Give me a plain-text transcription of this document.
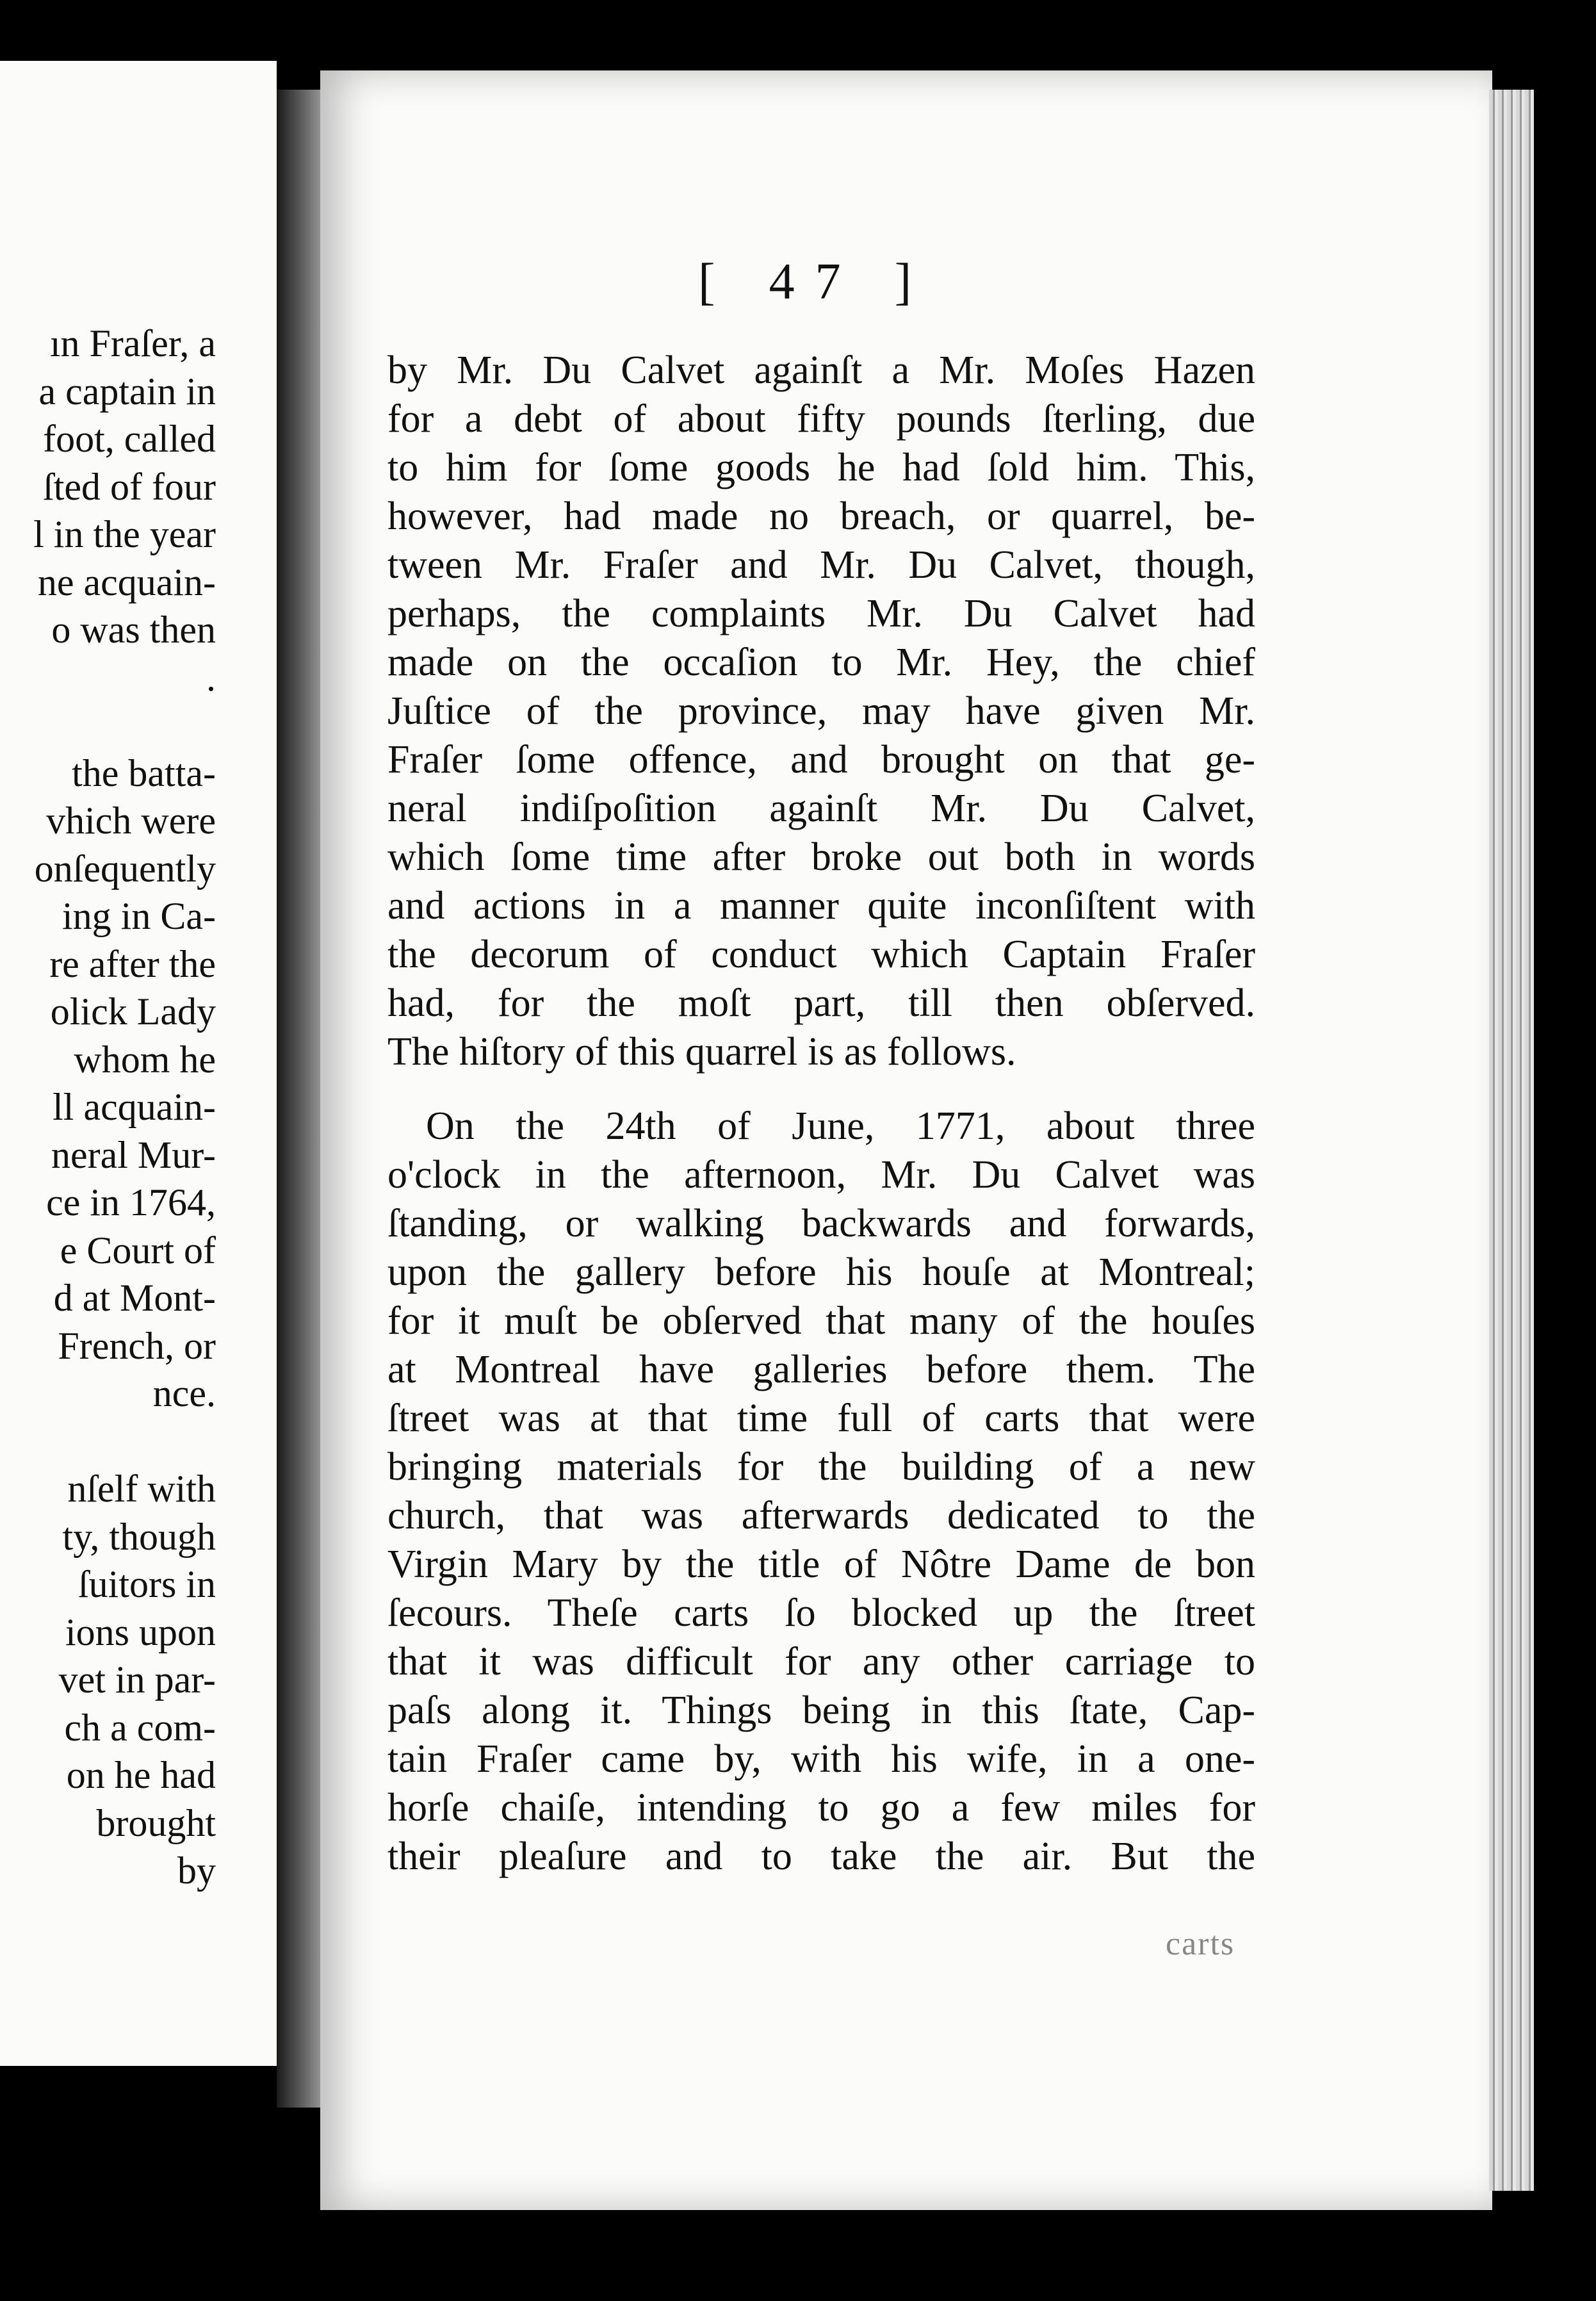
ın Fraſer, a
a captain in
foot, called
ſted of four
l in the year
ne acquain-
o was then
.
the batta-
vhich were
onſequently
ing in Ca-
re after the
olick Lady
whom he
ll acquain-
neral Mur-
ce in 1764,
e Court of
d at Mont-
French, or
nce.
nſelf with
ty, though
ſuitors in
ions upon
vet in par-
ch a com-
on he had
brought
by
[ 47 ]
by Mr. Du Calvet againſt a Mr. Moſes Hazen
for a debt of about fifty pounds ſterling, due
to him for ſome goods he had ſold him. This,
however, had made no breach, or quarrel, be-
tween Mr. Fraſer and Mr. Du Calvet, though,
perhaps, the complaints Mr. Du Calvet had
made on the occaſion to Mr. Hey, the chief
Juſtice of the province, may have given Mr.
Fraſer ſome offence, and brought on that ge-
neral indiſpoſition againſt Mr. Du Calvet,
which ſome time after broke out both in words
and actions in a manner quite inconſiſtent with
the decorum of conduct which Captain Fraſer
had, for the moſt part, till then obſerved.
The hiſtory of this quarrel is as follows.
On the 24th of June, 1771, about three
o'clock in the afternoon, Mr. Du Calvet was
ſtanding, or walking backwards and forwards,
upon the gallery before his houſe at Montreal;
for it muſt be obſerved that many of the houſes
at Montreal have galleries before them. The
ſtreet was at that time full of carts that were
bringing materials for the building of a new
church, that was afterwards dedicated to the
Virgin Mary by the title of Nôtre Dame de bon
ſecours. Theſe carts ſo blocked up the ſtreet
that it was difficult for any other carriage to
paſs along it. Things being in this ſtate, Cap-
tain Fraſer came by, with his wife, in a one-
horſe chaiſe, intending to go a few miles for
their pleaſure and to take the air. But the
carts
